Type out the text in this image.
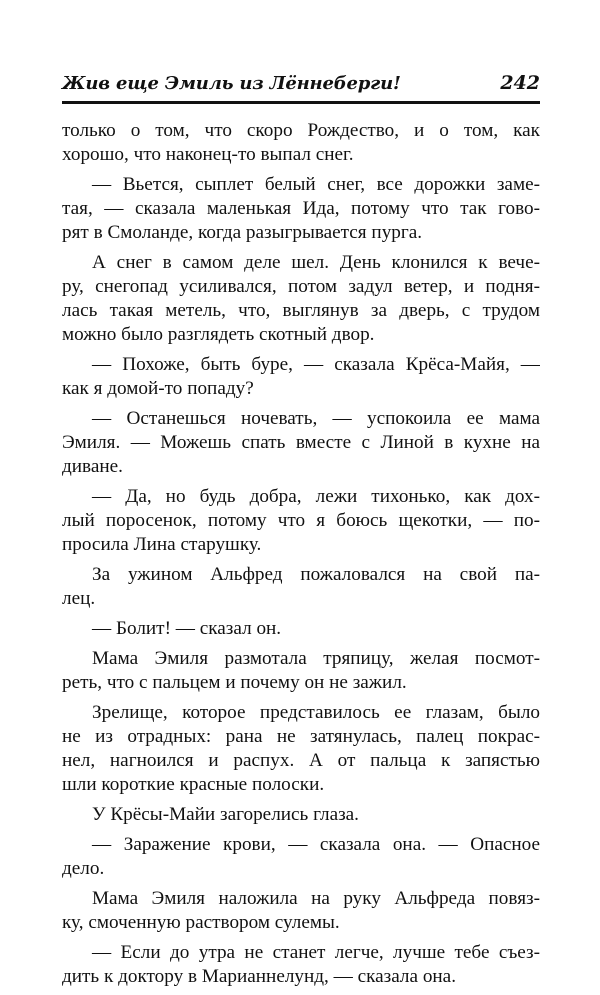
Жив еще Эмиль из Лённеберги!	242
только о том, что скоро Рождество, и о том, как
хорошо, что наконец-то выпал снег.
— Вьется, сыплет белый снег, все дорожки заме-
тая, — сказала маленькая Ида, потому что так гово-
рят в Смоланде, когда разыгрывается пурга.
А снег в самом деле шел. День клонился к вече-
ру, снегопад усиливался, потом задул ветер, и подня-
лась такая метель, что, выглянув за дверь, с трудом
можно было разглядеть скотный двор.
— Похоже, быть буре, — сказала Крёса-Майя, —
как я домой-то попаду?
— Останешься ночевать, — успокоила ее мама
Эмиля. — Можешь спать вместе с Линой в кухне на
диване.
— Да, но будь добра, лежи тихонько, как дох-
лый поросенок, потому что я боюсь щекотки, — по-
просила Лина старушку.
За ужином Альфред пожаловался на свой па-
лец.
— Болит! — сказал он.
Мама Эмиля размотала тряпицу, желая посмот-
реть, что с пальцем и почему он не зажил.
Зрелище, которое представилось ее глазам, было
не из отрадных: рана не затянулась, палец покрас-
нел, нагноился и распух. А от пальца к запястью
шли короткие красные полоски.
У Крёсы-Майи загорелись глаза.
— Заражение крови, — сказала она. — Опасное
дело.
Мама Эмиля наложила на руку Альфреда повяз-
ку, смоченную раствором сулемы.
— Если до утра не станет легче, лучше тебе съез-
дить к доктору в Марианнелунд, — сказала она.
